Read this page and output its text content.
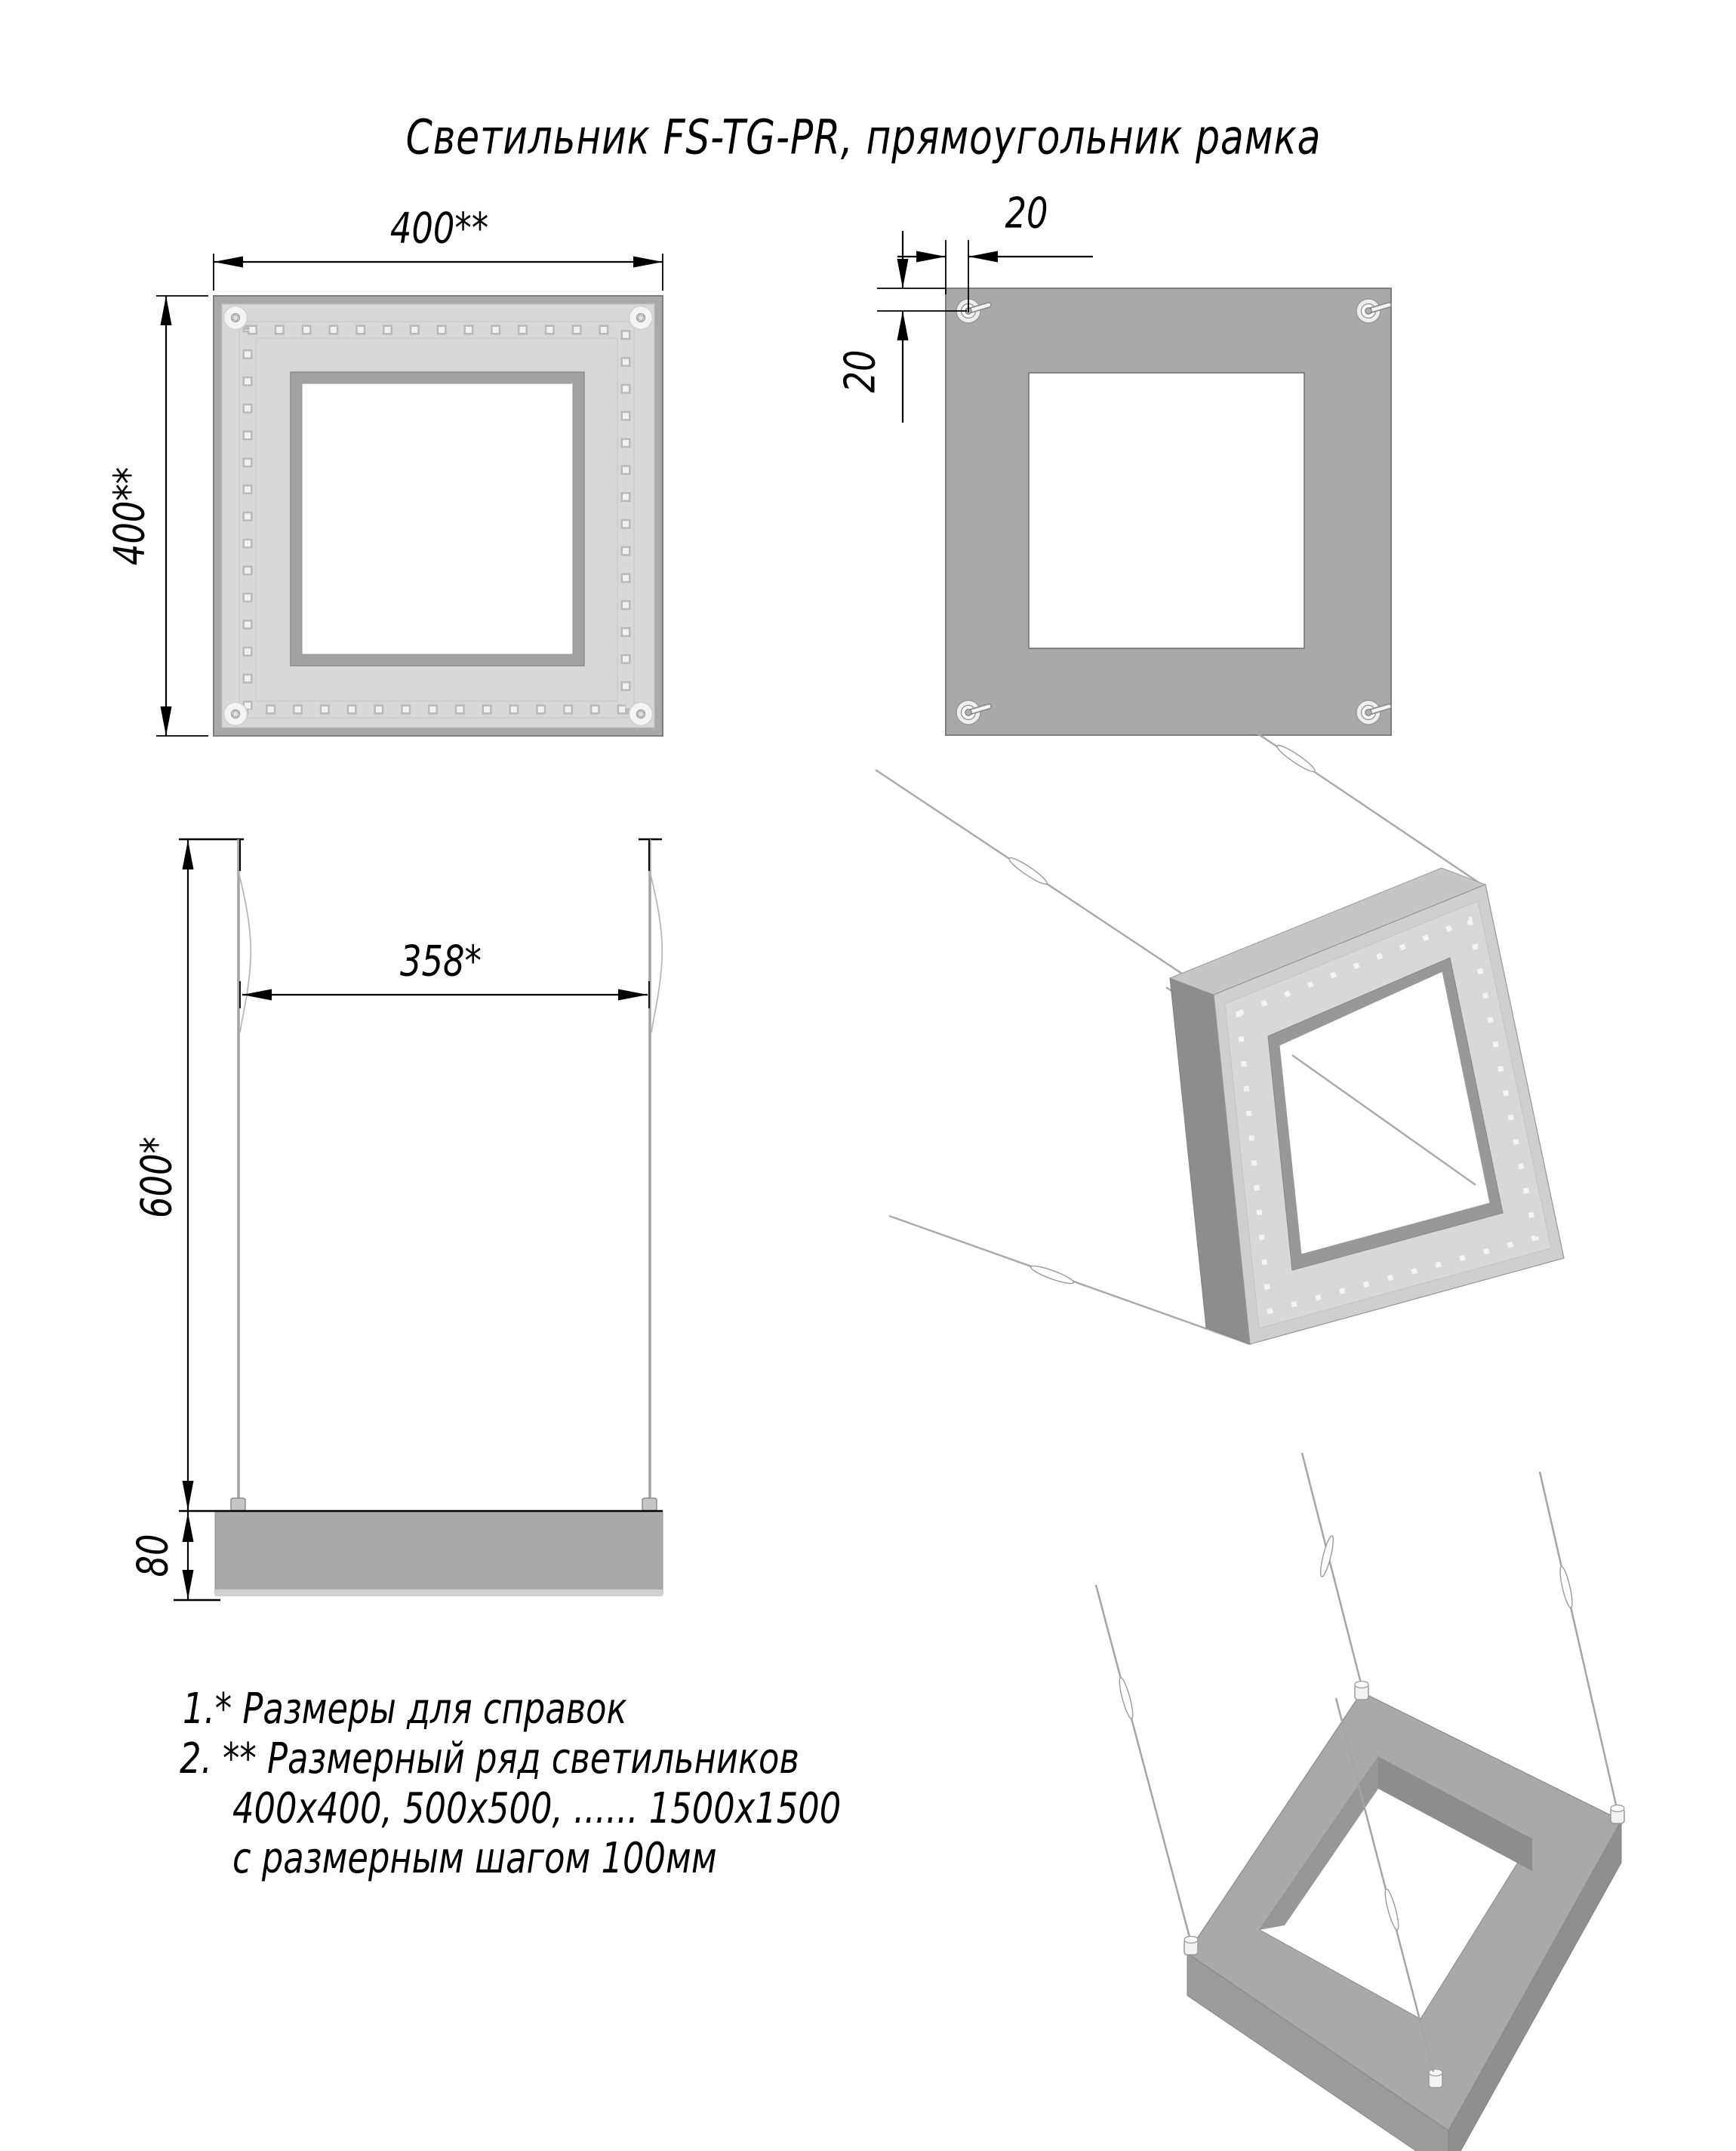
Светильник FS-TG-PR, прямоугольник рамка
400**
400**
20
20
358*
600*
80
1.* Размеры для справок
2. ** Размерный ряд светильников
400x400, 500x500, ...... 1500x1500
с размерным шагом 100мм
